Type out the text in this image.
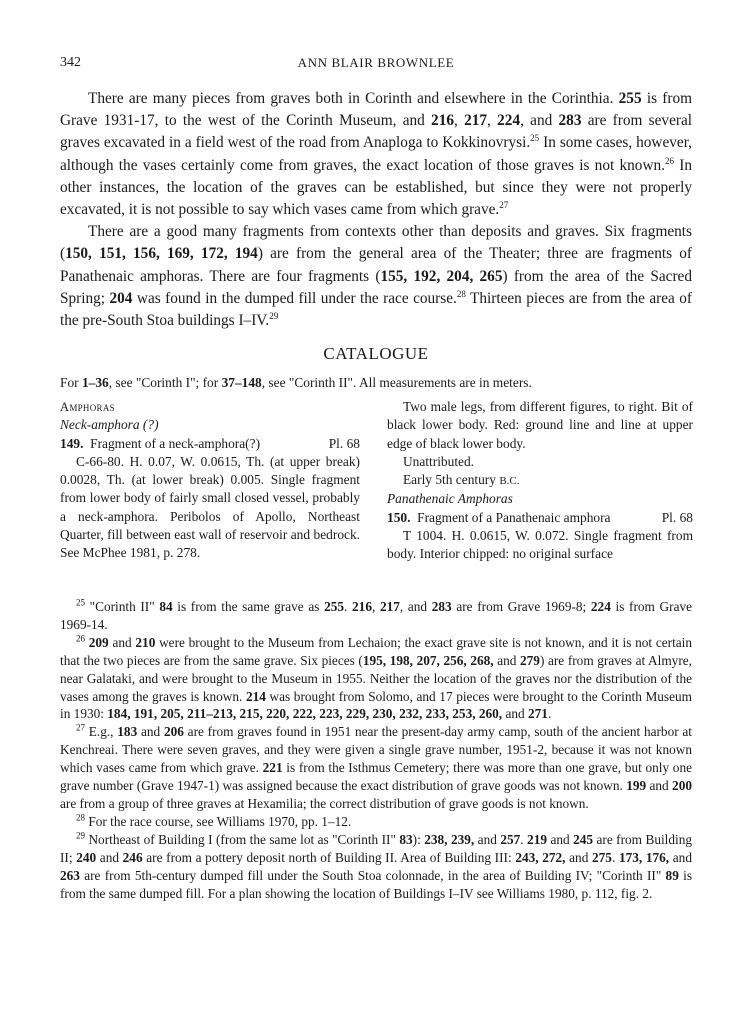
342	ANN BLAIR BROWNLEE

There are many pieces from graves both in Corinth and elsewhere in the Corinthia. 255 is from Grave 1931-17, to the west of the Corinth Museum, and 216, 217, 224, and 283 are from several graves excavated in a field west of the road from Anaploga to Kokkinovrysi.$^{25}$ In some cases, however, although the vases certainly come from graves, the exact location of those graves is not known.$^{26}$ In other instances, the location of the graves can be established, but since they were not properly excavated, it is not possible to say which vases came from which grave.$^{27}$

There are a good many fragments from contexts other than deposits and graves. Six fragments (150, 151, 156, 169, 172, 194) are from the general area of the Theater; three are fragments of Panathenaic amphoras. There are four fragments (155, 192, 204, 265) from the area of the Sacred Spring; 204 was found in the dumped fill under the race course.$^{28}$ Thirteen pieces are from the area of the pre-South Stoa buildings I–IV.$^{29}$

CATALOGUE
For 1–36, see "Corinth I"; for 37–148, see "Corinth II". All measurements are in meters.
Amphoras
Neck-amphora (?)
149. Fragment of a neck-amphora(?)	Pl. 68

C-66-80. H. 0.07, W. 0.0615, Th. (at upper break) 0.0028, Th. (at lower break) 0.005. Single fragment from lower body of fairly small closed vessel, probably a neck-amphora. Peribolos of Apollo, Northeast Quarter, fill between east wall of reservoir and bedrock. See McPhee 1981, p. 278.

Two male legs, from different figures, to right. Bit of black lower body. Red: ground line and line at upper edge of black lower body.

Unattributed.

Early 5th century B.C.

Panathenaic Amphoras
150. Fragment of a Panathenaic amphora	Pl. 68

T 1004. H. 0.0615, W. 0.072. Single fragment from body. Interior chipped: no original surface

$^{25}$ "Corinth II" 84 is from the same grave as 255. 216, 217, and 283 are from Grave 1969-8; 224 is from Grave 1969-14.

$^{26}$ 209 and 210 were brought to the Museum from Lechaion; the exact grave site is not known, and it is not certain that the two pieces are from the same grave. Six pieces (195, 198, 207, 256, 268, and 279) are from graves at Almyre, near Galataki, and were brought to the Museum in 1955. Neither the location of the graves nor the distribution of the vases among the graves is known. 214 was brought from Solomo, and 17 pieces were brought to the Corinth Museum in 1930: 184, 191, 205, 211–213, 215, 220, 222, 223, 229, 230, 232, 233, 253, 260, and 271.

$^{27}$ E.g., 183 and 206 are from graves found in 1951 near the present-day army camp, south of the ancient harbor at Kenchreai. There were seven graves, and they were given a single grave number, 1951-2, because it was not known which vases came from which grave. 221 is from the Isthmus Cemetery; there was more than one grave, but only one grave number (Grave 1947-1) was assigned because the exact distribution of grave goods was not known. 199 and 200 are from a group of three graves at Hexamilia; the correct distribution of grave goods is not known.

$^{28}$ For the race course, see Williams 1970, pp. 1–12.

$^{29}$ Northeast of Building I (from the same lot as "Corinth II" 83): 238, 239, and 257. 219 and 245 are from Building II; 240 and 246 are from a pottery deposit north of Building II. Area of Building III: 243, 272, and 275. 173, 176, and 263 are from 5th-century dumped fill under the South Stoa colonnade, in the area of Building IV; "Corinth II" 89 is from the same dumped fill. For a plan showing the location of Buildings I–IV see Williams 1980, p. 112, fig. 2.
